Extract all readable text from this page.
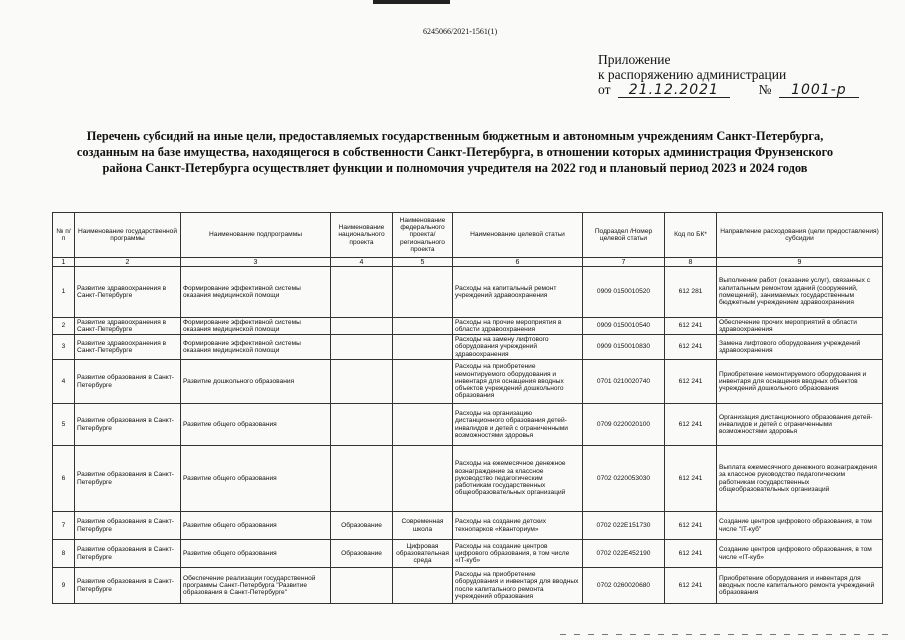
6245066/2021-1561(1)
Приложение
к распоряжению администрации
от 21.12.2021	№ 1001-р
Перечень субсидий на иные цели, предоставляемых государственным бюджетным и автономным учреждениям Санкт-Петербурга, созданным на базе имущества, находящегося в собственности Санкт-Петербурга, в отношении которых администрация Фрунзенского района Санкт-Петербурга осуществляет функции и полномочия учредителя на 2022 год и плановый период 2023 и 2024 годов
№ п/п	Наименование государственной программы	Наименование подпрограммы	Наименование национального проекта	Наименование федерального проекта/регионального проекта	Наименование целевой статьи	Подраздел /Номер целевой статьи	Код по БК*	Направление расходования (цели предоставления) субсидии
1	2	3	4	5	6	7	8	9
1	Развитие здравоохранения в Санкт-Петербурге	Формирование эффективной системы оказания медицинской помощи			Расходы на капитальный ремонт учреждений здравоохранения	0909 0150010520	612 281	Выполнение работ (оказание услуг), связанных с капитальным ремонтом зданий (сооружений, помещений), занимаемых государственным бюджетным учреждением здравоохранения
2	Развитие здравоохранения в Санкт-Петербурге	Формирование эффективной системы оказания медицинской помощи			Расходы на прочие мероприятия в области здравоохранения	0909 0150010540	612 241	Обеспечение прочих мероприятий в области здравоохранения
3	Развитие здравоохранения в Санкт-Петербурге	Формирование эффективной системы оказания медицинской помощи			Расходы на замену лифтового оборудования учреждений здравоохранения	0909 0150010830	612 241	Замена лифтового оборудования учреждений здравоохранения
4	Развитие образования в Санкт-Петербурге	Развитие дошкольного образования			Расходы на приобретение немонтируемого оборудования и инвентаря для оснащения вводных объектов учреждений дошкольного образования	0701 0210020740	612 241	Приобретение немонтируемого оборудования и инвентаря для оснащения вводных объектов учреждений дошкольного образования
5	Развитие образования в Санкт-Петербурге	Развитие общего образования			Расходы на организацию дистанционного образования детей-инвалидов и детей с ограниченными возможностями здоровья	0709 0220020100	612 241	Организация дистанционного образования детей-инвалидов и детей с ограниченными возможностями здоровья
6	Развитие образования в Санкт-Петербурге	Развитие общего образования			Расходы на ежемесячное денежное вознаграждение за классное руководство педагогическим работникам государственных общеобразовательных организаций	0702 0220053030	612 241	Выплата ежемесячного денежного вознаграждения за классное руководство педагогическим работникам государственных общеобразовательных организаций
7	Развитие образования в Санкт-Петербурге	Развитие общего образования	Образование	Современная школа	Расходы на создание детских технопарков «Кванториум»	0702 022E151730	612 241	Создание центров цифрового образования, в том числе "IT-куб"
8	Развитие образования в Санкт-Петербурге	Развитие общего образования	Образование	Цифровая образовательная среда	Расходы на создание центров цифрового образования, в том числе «IT-куб»	0702 022E452190	612 241	Создание центров цифрового образования, в том числе «IT-куб»
9	Развитие образования в Санкт-Петербурге	Обеспечение реализации государственной программы Санкт-Петербурга "Развитие образования в Санкт-Петербурге"			Расходы на приобретение оборудования и инвентаря для вводных после капитального ремонта учреждений образования	0702 0260020680	612 241	Приобретение оборудования и инвентаря для вводных после капитального ремонта учреждений образования
